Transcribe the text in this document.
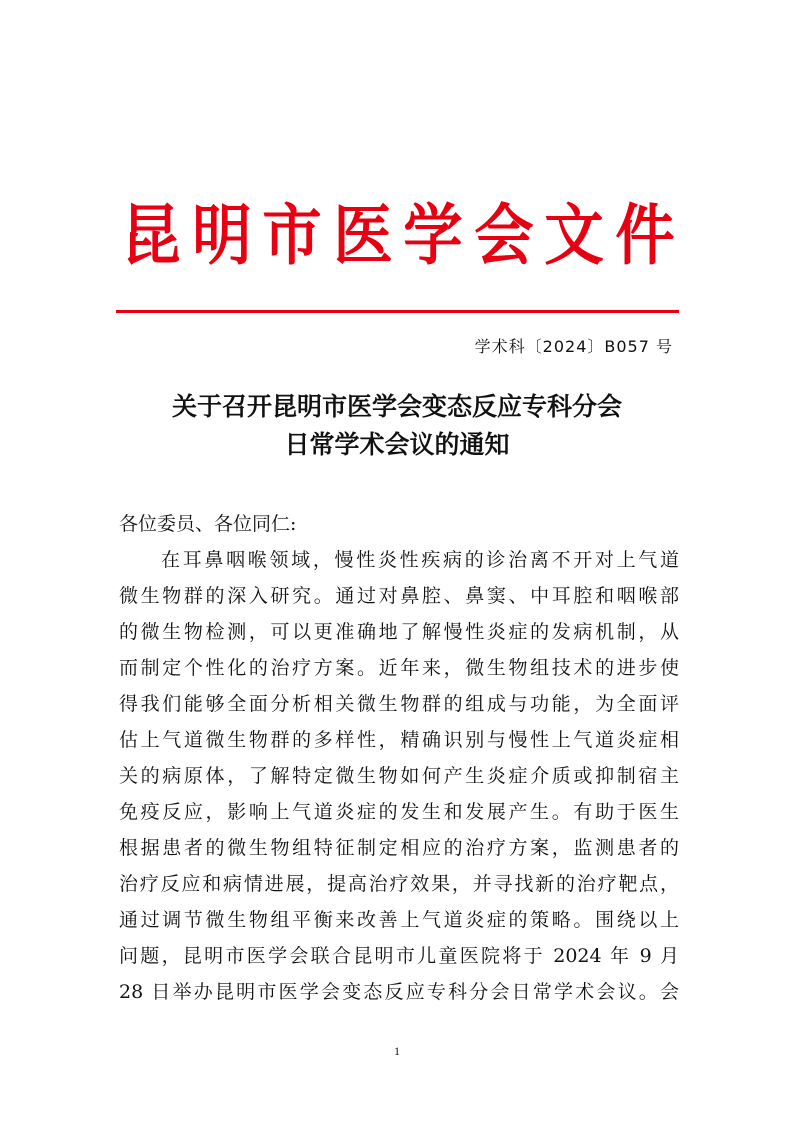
昆 明 市 医 学 会 文 件
学术科〔2024〕B057 号
关于召开昆明市医学会变态反应专科分会
日常学术会议的通知
各位委员、各位同仁:
在耳鼻咽喉领域，慢性炎性疾病的诊治离不开对上气道
微生物群的深入研究。通过对鼻腔、鼻窦、中耳腔和咽喉部
的微生物检测，可以更准确地了解慢性炎症的发病机制，从
而制定个性化的治疗方案。近年来，微生物组技术的进步使
得我们能够全面分析相关微生物群的组成与功能，为全面评
估上气道微生物群的多样性，精确识别与慢性上气道炎症相
关的病原体，了解特定微生物如何产生炎症介质或抑制宿主
免疫反应，影响上气道炎症的发生和发展产生。有助于医生
根据患者的微生物组特征制定相应的治疗方案，监测患者的
治疗反应和病情进展，提高治疗效果，并寻找新的治疗靶点，
通过调节微生物组平衡来改善上气道炎症的策略。围绕以上
问题，昆明市医学会联合昆明市儿童医院将于 2024 年 9 月
28 日举办昆明市医学会变态反应专科分会日常学术会议。会
1
